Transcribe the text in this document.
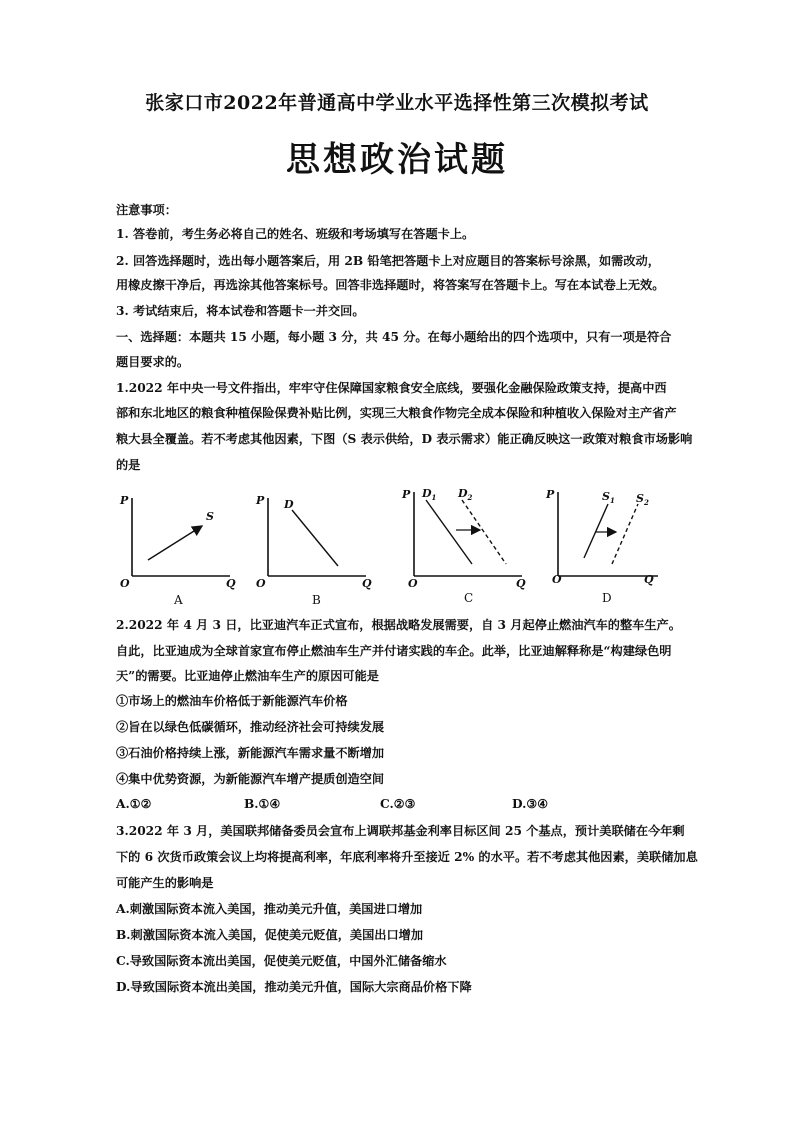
张家口市2022年普通高中学业水平选择性第三次模拟考试
思想政治试题
注意事项：
1. 答卷前，考生务必将自己的姓名、班级和考场填写在答题卡上。
2. 回答选择题时，选出每小题答案后，用 2B 铅笔把答题卡上对应题目的答案标号涂黑，如需改动，
用橡皮擦干净后，再选涂其他答案标号。回答非选择题时，将答案写在答题卡上。写在本试卷上无效。
3. 考试结束后，将本试卷和答题卡一并交回。
一、选择题：本题共 15 小题，每小题 3 分，共 45 分。在每小题给出的四个选项中，只有一项是符合
题目要求的。
1.2022 年中央一号文件指出，牢牢守住保障国家粮食安全底线，要强化金融保险政策支持，提高中西
部和东北地区的粮食种植保险保费补贴比例，实现三大粮食作物完全成本保险和种植收入保险对主产省产
粮大县全覆盖。若不考虑其他因素，下图（S 表示供给，D 表示需求）能正确反映这一政策对粮食市场影响
的是
P
Q
O
S
A
P
Q
O
D
B
P
Q
O
$D_1$ $D_2$
C
P
Q
O
$S_1$ $S_2$
D
2.2022 年 4 月 3 日，比亚迪汽车正式宣布，根据战略发展需要，自 3 月起停止燃油汽车的整车生产。
自此，比亚迪成为全球首家宣布停止燃油车生产并付诸实践的车企。此举，比亚迪解释称是“构建绿色明
天”的需要。比亚迪停止燃油车生产的原因可能是
①市场上的燃油车价格低于新能源汽车价格
②旨在以绿色低碳循环，推动经济社会可持续发展
③石油价格持续上涨，新能源汽车需求量不断增加
④集中优势资源，为新能源汽车增产提质创造空间
A.①②	B.①④	C.②③	D.③④
3.2022 年 3 月，美国联邦储备委员会宣布上调联邦基金利率目标区间 25 个基点，预计美联储在今年剩
下的 6 次货币政策会议上均将提高利率，年底利率将升至接近 2% 的水平。若不考虑其他因素，美联储加息
可能产生的影响是
A.刺激国际资本流入美国，推动美元升值，美国进口增加
B.刺激国际资本流入美国，促使美元贬值，美国出口增加
C.导致国际资本流出美国，促使美元贬值，中国外汇储备缩水
D.导致国际资本流出美国，推动美元升值，国际大宗商品价格下降
